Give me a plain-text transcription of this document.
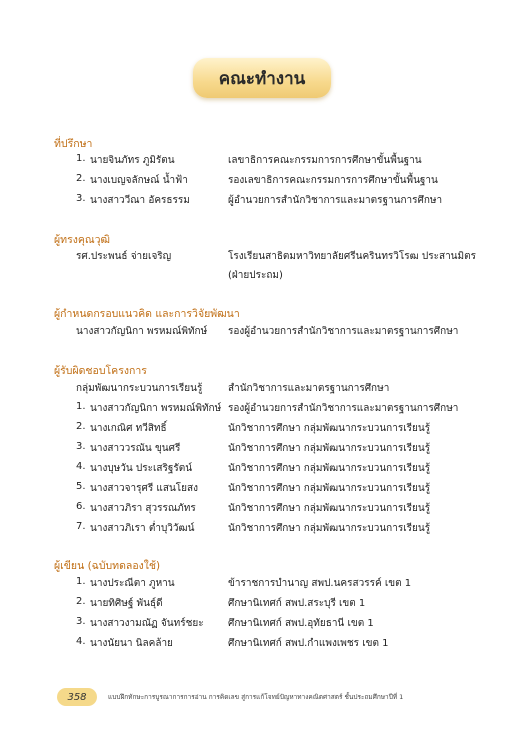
คณะทำงาน
ที่ปรึกษา
1. นายจินภัทร ภูมิรัตน	เลขาธิการคณะกรรมการการศึกษาขั้นพื้นฐาน
2. นางเบญจลักษณ์ น้ำฟ้า	รองเลขาธิการคณะกรรมการการศึกษาขั้นพื้นฐาน
3. นางสาววีณา อัครธรรม	ผู้อำนวยการสำนักวิชาการและมาตรฐานการศึกษา
ผู้ทรงคุณวุฒิ
รศ.ประพนธ์ จ่ายเจริญ	โรงเรียนสาธิตมหาวิทยาลัยศรีนครินทรวิโรฒ ประสานมิตร
(ฝ่ายประถม)
ผู้กำหนดกรอบแนวคิด และการวิจัยพัฒนา
นางสาวกัญนิกา พรหมณ์พิทักษ์ รองผู้อำนวยการสำนักวิชาการและมาตรฐานการศึกษา
ผู้รับผิดชอบโครงการ
กลุ่มพัฒนากระบวนการเรียนรู้	สำนักวิชาการและมาตรฐานการศึกษา
1. นางสาวกัญนิกา พรหมณ์พิทักษ์ รองผู้อำนวยการสำนักวิชาการและมาตรฐานการศึกษา
2. นางเกณิศ ทวีสิทธิ์	นักวิชาการศึกษา กลุ่มพัฒนากระบวนการเรียนรู้
3. นางสาววรณัน ขุนศรี	นักวิชาการศึกษา กลุ่มพัฒนากระบวนการเรียนรู้
4. นางบุษวัน ประเสริฐรัตน์	นักวิชาการศึกษา กลุ่มพัฒนากระบวนการเรียนรู้
5. นางสาวจารุศรี แสนโยสง	นักวิชาการศึกษา กลุ่มพัฒนากระบวนการเรียนรู้
6. นางสาวภิรา สุวรรณภัทร	นักวิชาการศึกษา กลุ่มพัฒนากระบวนการเรียนรู้
7. นางสาวภิเรา ต่ำบุวิวัฒน์	นักวิชาการศึกษา กลุ่มพัฒนากระบวนการเรียนรู้
ผู้เขียน (ฉบับทดลองใช้)
1. นางประณีตา ภูหาน	ข้าราชการบำนาญ สพป.นครสวรรค์ เขต 1
2. นายทิศิษฐ์ พันธุ์ดี	ศึกษานิเทศก์ สพป.สระบุรี เขต 1
3. นางสาวงามณัฏ จันทร์ชยะ ศึกษานิเทศก์ สพป.อุทัยธานี เขต 1
4. นางนัยนา นิลคล้าย	ศึกษานิเทศก์ สพป.กำแพงเพชร เขต 1
358	แบบฝึกทักษะการบูรณาการการอ่าน การคิดเลข สู่การแก้โจทย์ปัญหาทางคณิตศาสตร์ ชั้นประถมศึกษาปีที่ 1
